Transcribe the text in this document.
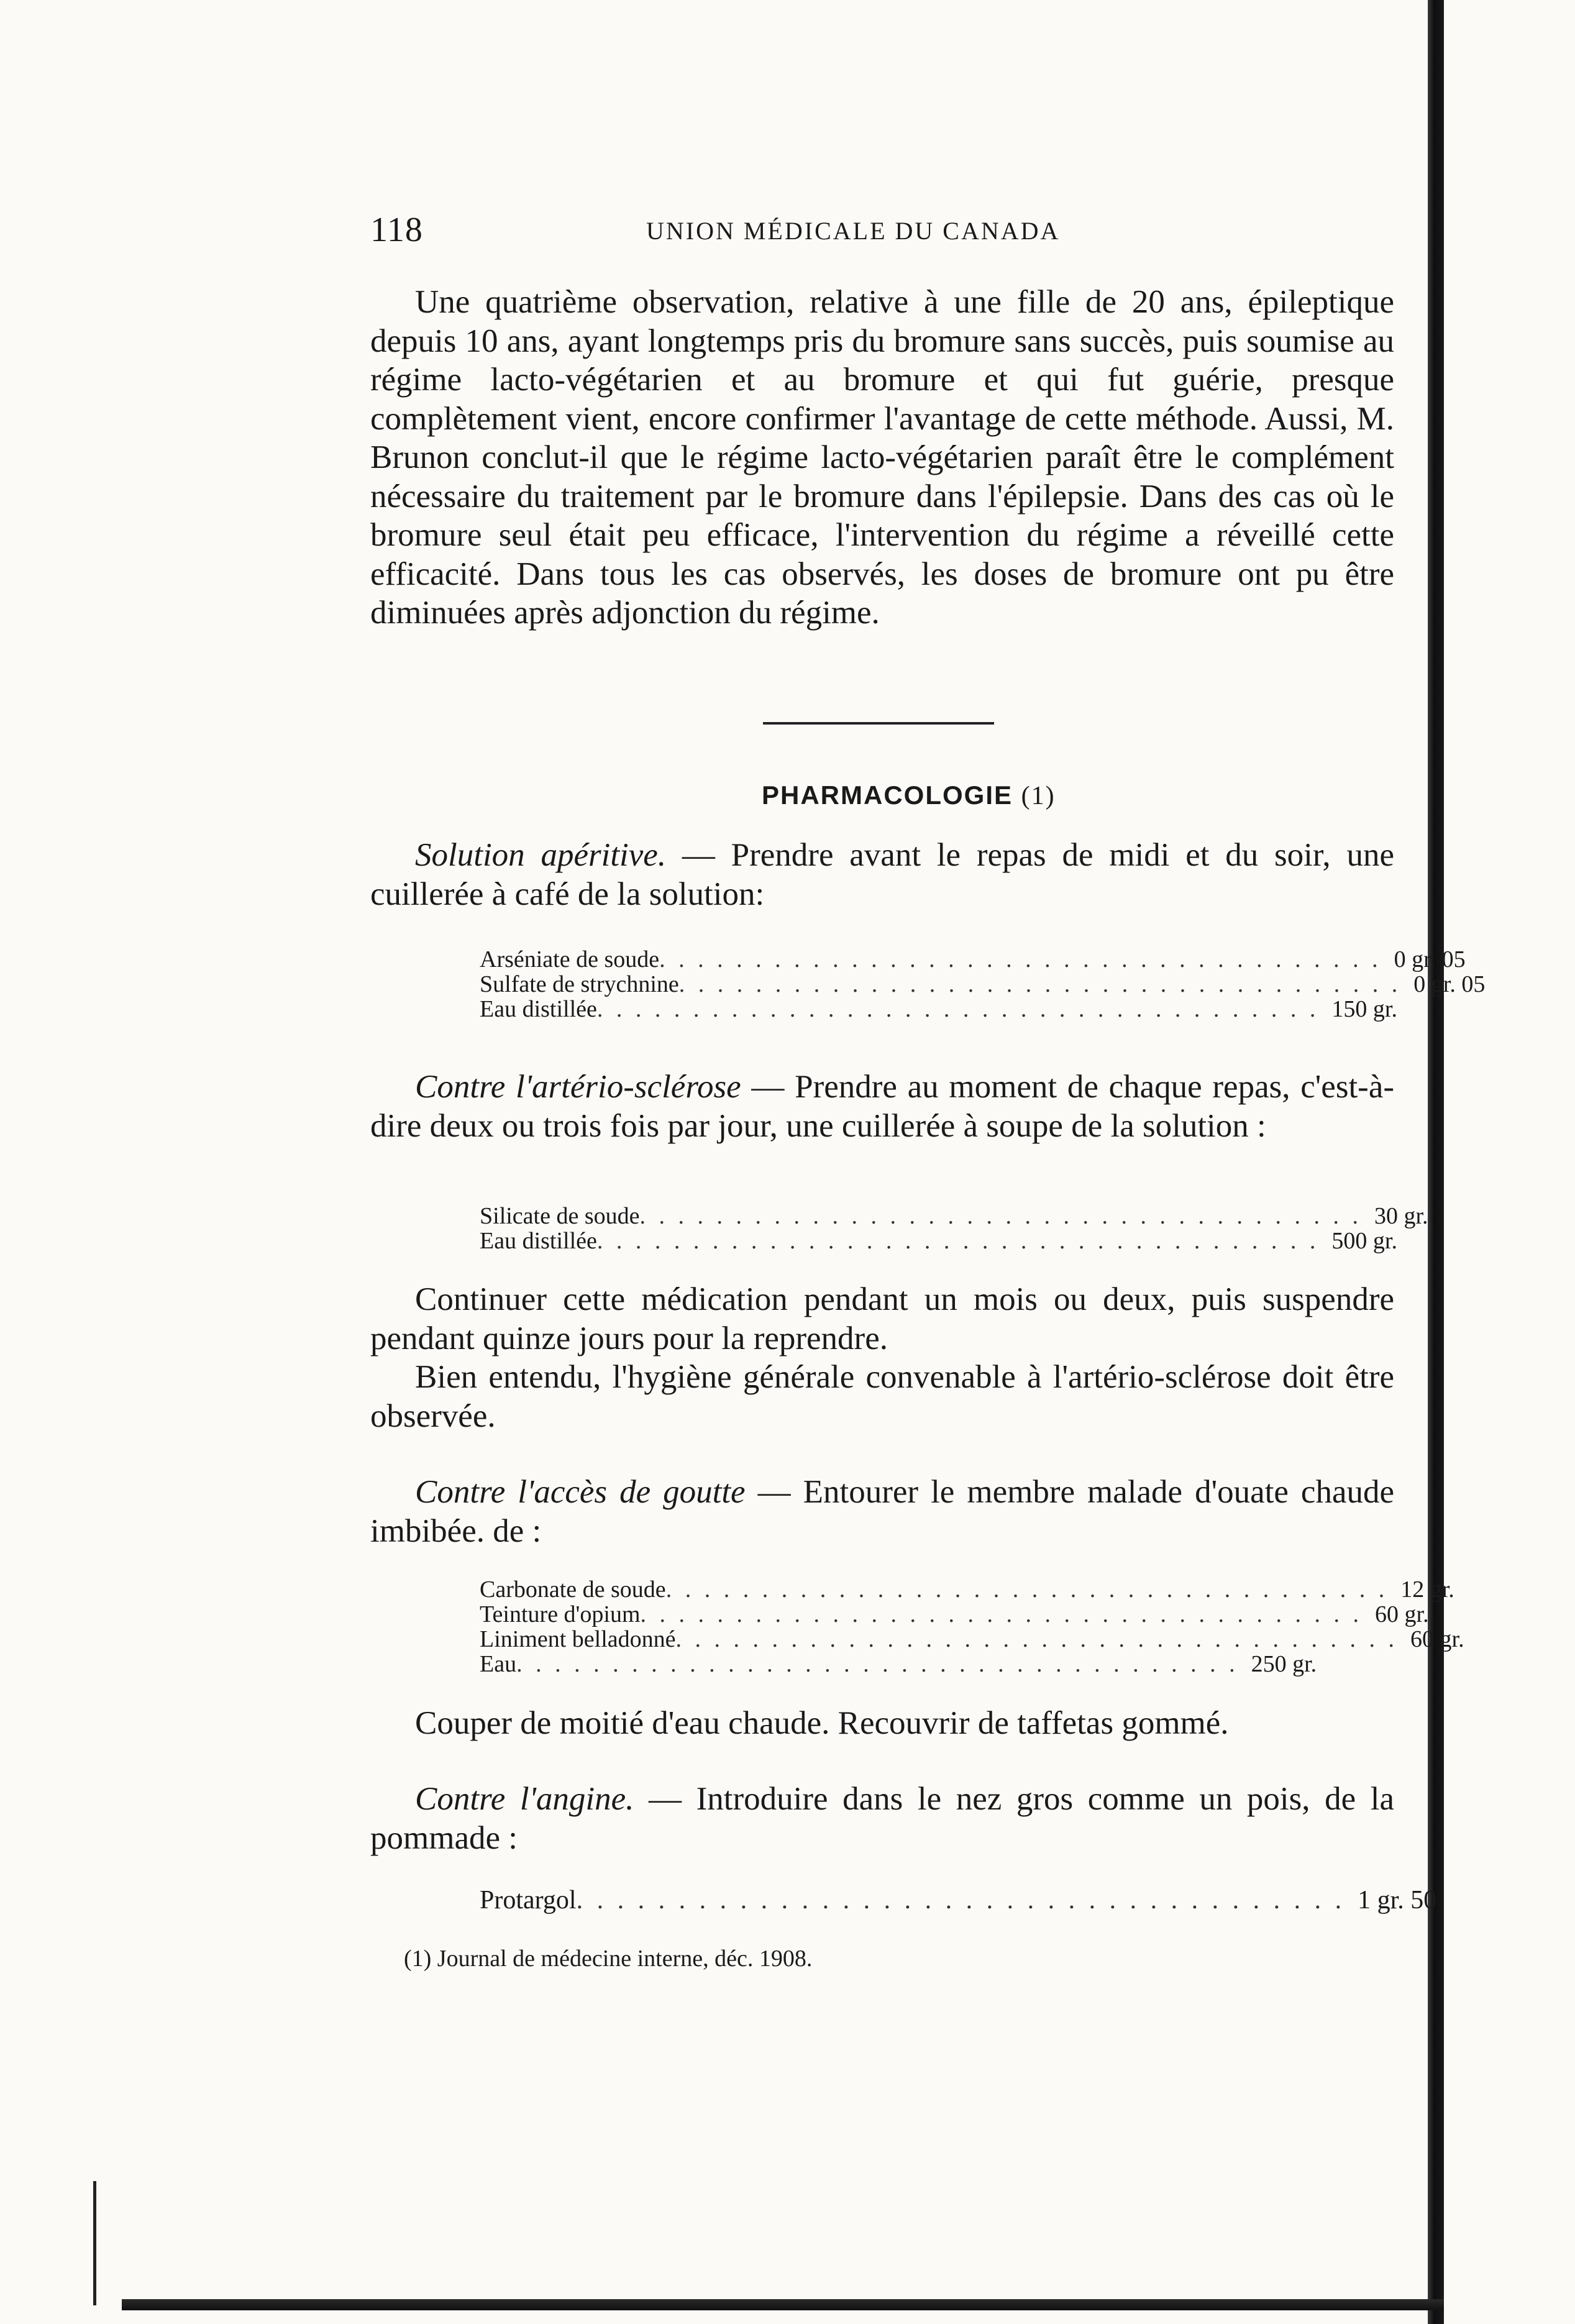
118	UNION MÉDICALE DU CANADA

Une quatrième observation, relative à une fille de 20 ans, épileptique depuis 10 ans, ayant longtemps pris du bromure sans succès, puis soumise au régime lacto-végétarien et au bromure et qui fut guérie, presque complètement vient, encore confirmer l'avantage de cette méthode. Aussi, M. Brunon conclut-il que le régime lacto-végétarien paraît être le complément nécessaire du traitement par le bromure dans l'épilepsie. Dans des cas où le bromure seul était peu efficace, l'intervention du régime a réveillé cette efficacité. Dans tous les cas observés, les doses de bromure ont pu être diminuées après adjonction du régime.

PHARMACOLOGIE (1)

Solution apéritive. — Prendre avant le repas de midi et du soir, une cuillerée à café de la solution:

Arséniate de soude . . . . . . . . . . . . . . . . . . . . . . . . . . . . . . . . . . . . . . 0 gr. 05
Sulfate de strychnine . . . . . . . . . . . . . . . . . . . . . . . . . . . . . . . . . . . . . . 0 gr. 05
Eau distillée . . . . . . . . . . . . . . . . . . . . . . . . . . . . . . . . . . . . . . 150 gr.

Contre l'artério-sclérose — Prendre au moment de chaque repas, c'est-à-dire deux ou trois fois par jour, une cuillerée à soupe de la solution :

Silicate de soude . . . . . . . . . . . . . . . . . . . . . . . . . . . . . . . . . . . . . . 30 gr.
Eau distillée . . . . . . . . . . . . . . . . . . . . . . . . . . . . . . . . . . . . . . 500 gr.

Continuer cette médication pendant un mois ou deux, puis suspendre pendant quinze jours pour la reprendre.

Bien entendu, l'hygiène générale convenable à l'artério-sclérose doit être observée.

Contre l'accès de goutte — Entourer le membre malade d'ouate chaude imbibée. de :

Carbonate de soude . . . . . . . . . . . . . . . . . . . . . . . . . . . . . . . . . . . . . . 12 gr.
Teinture d'opium . . . . . . . . . . . . . . . . . . . . . . . . . . . . . . . . . . . . . . 60 gr.
Liniment belladonné . . . . . . . . . . . . . . . . . . . . . . . . . . . . . . . . . . . . . . 60 gr.
Eau . . . . . . . . . . . . . . . . . . . . . . . . . . . . . . . . . . . . . . 250 gr.

Couper de moitié d'eau chaude. Recouvrir de taffetas gommé.

Contre l'angine. — Introduire dans le nez gros comme un pois, de la pommade :

Protargol . . . . . . . . . . . . . . . . . . . . . . . . . . . . . . . . . . . . . . 1 gr. 50
(1) Journal de médecine interne, déc. 1908.
